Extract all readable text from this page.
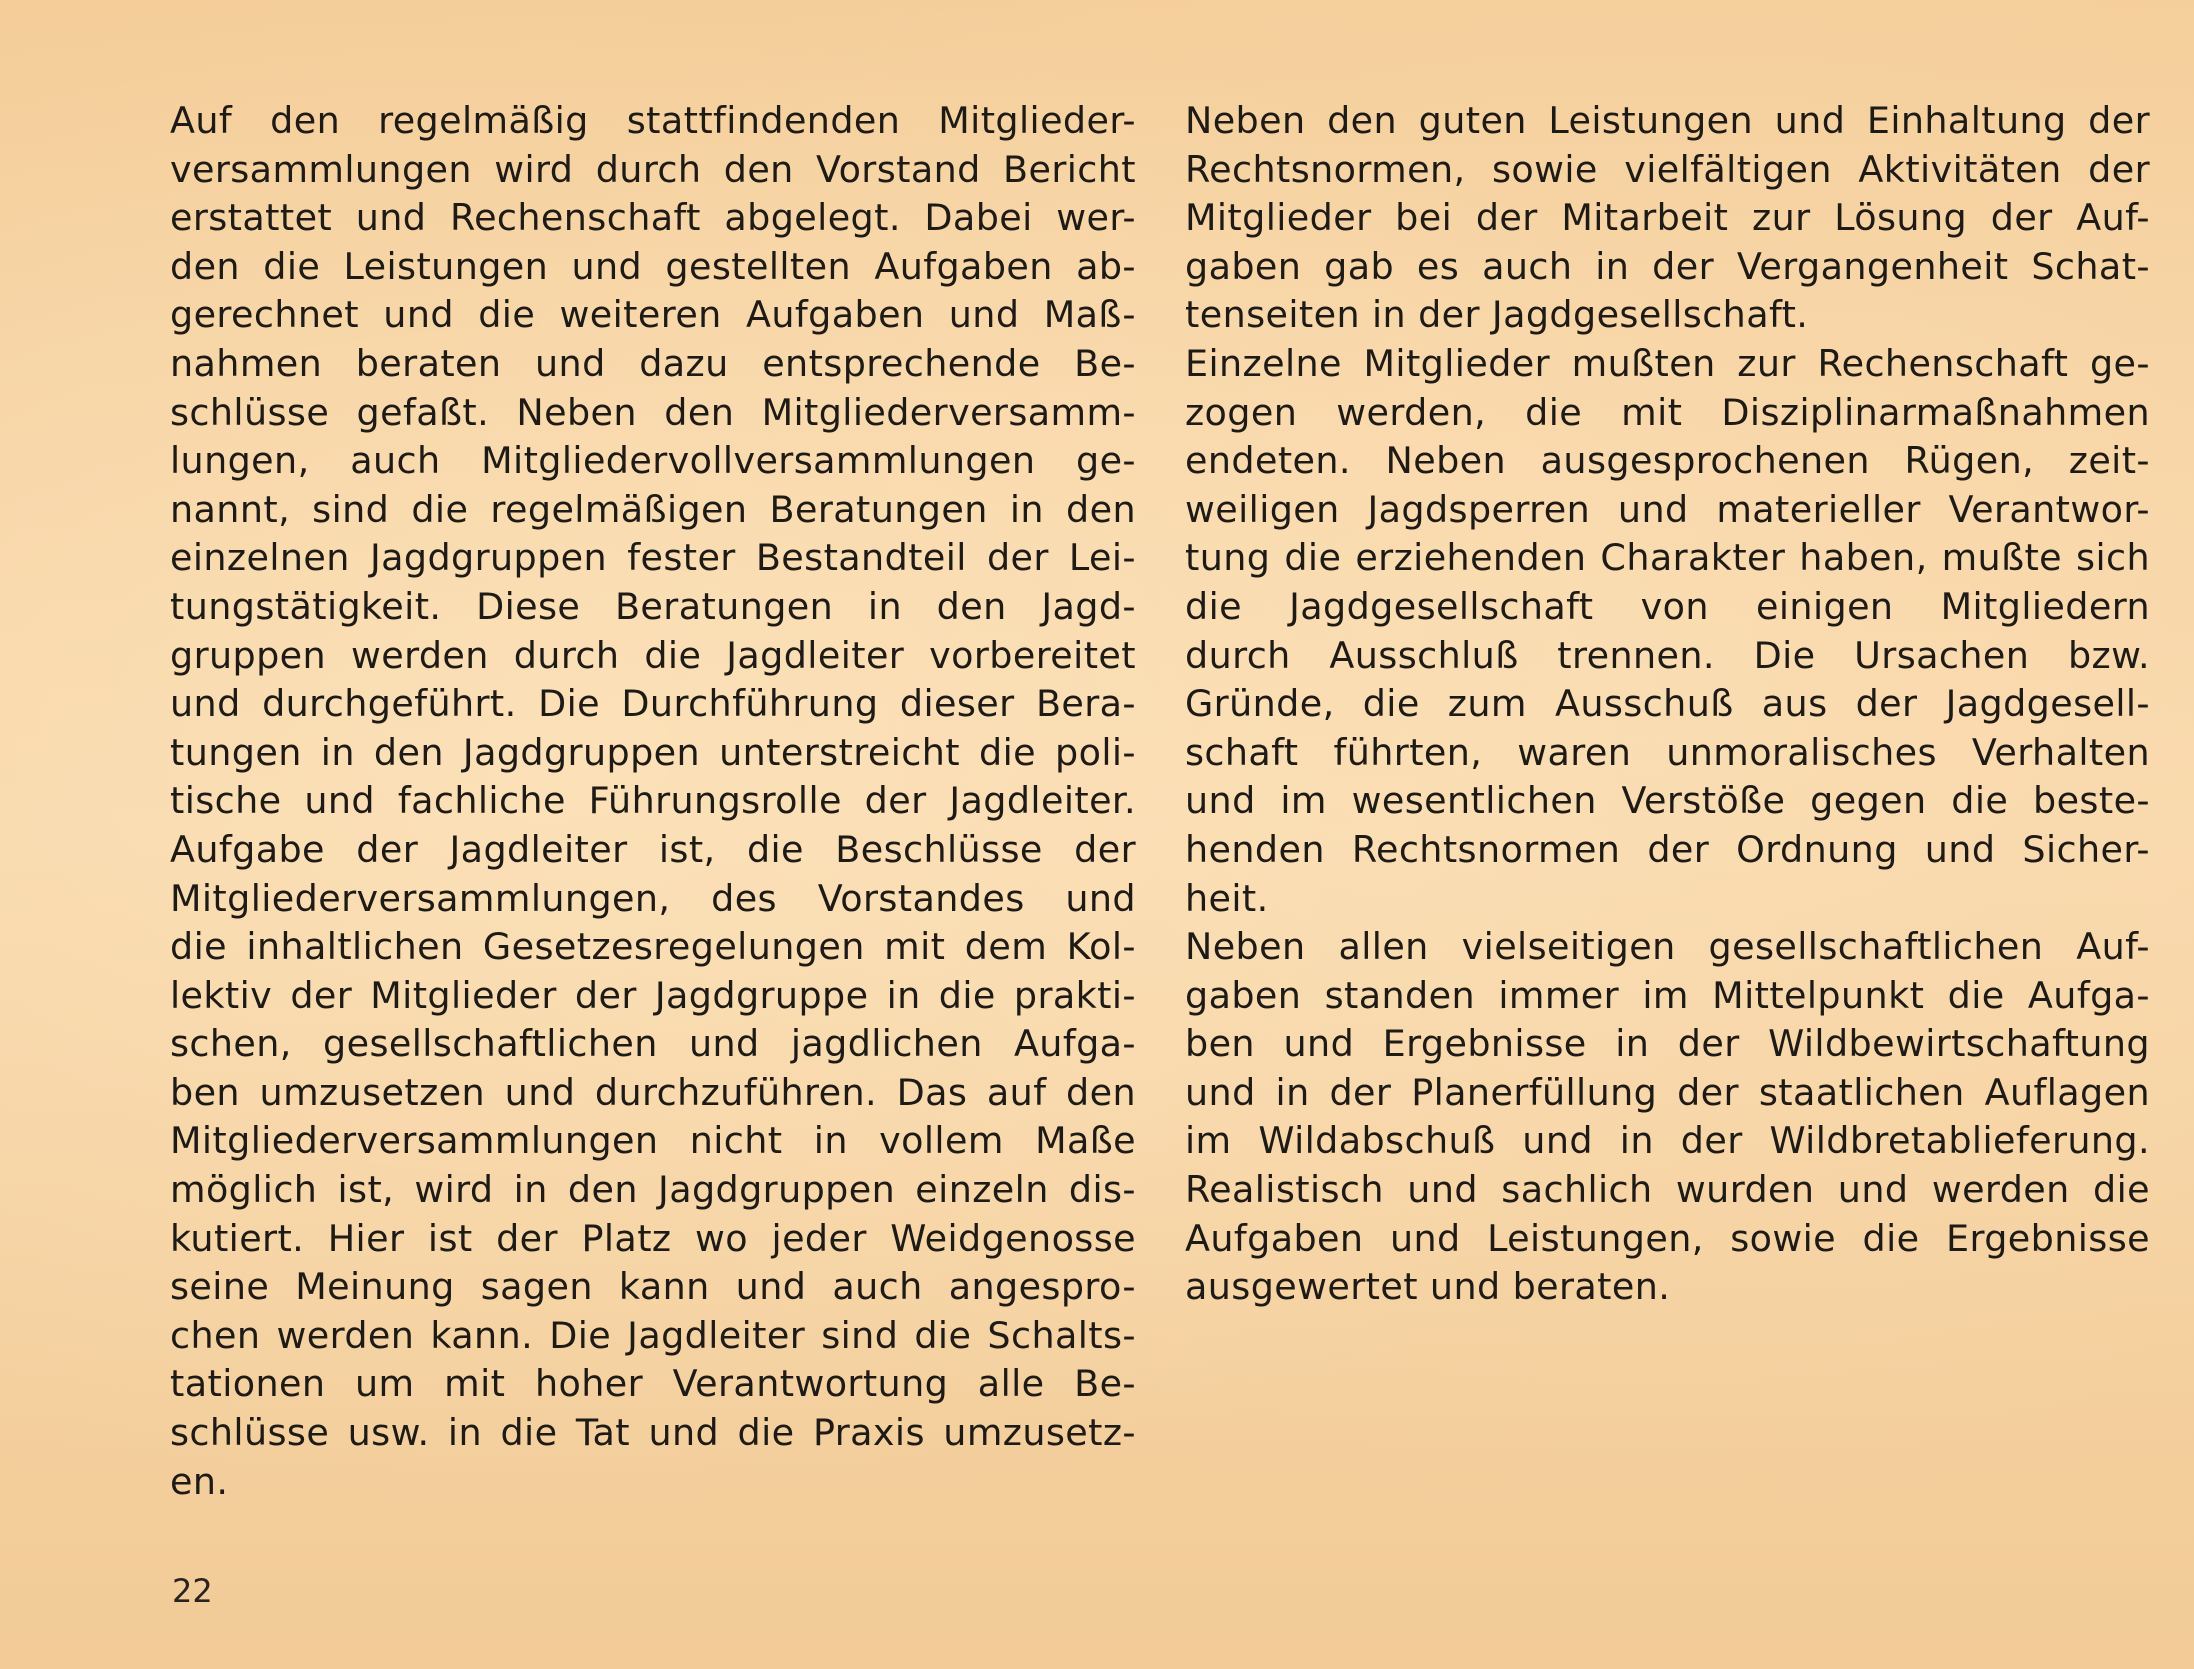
Auf den regelmäßig stattfindenden Mitglieder-
versammlungen wird durch den Vorstand Bericht
erstattet und Rechenschaft abgelegt. Dabei wer-
den die Leistungen und gestellten Aufgaben ab-
gerechnet und die weiteren Aufgaben und Maß-
nahmen beraten und dazu entsprechende Be-
schlüsse gefaßt. Neben den Mitgliederversamm-
lungen, auch Mitgliedervollversammlungen ge-
nannt, sind die regelmäßigen Beratungen in den
einzelnen Jagdgruppen fester Bestandteil der Lei-
tungstätigkeit. Diese Beratungen in den Jagd-
gruppen werden durch die Jagdleiter vorbereitet
und durchgeführt. Die Durchführung dieser Bera-
tungen in den Jagdgruppen unterstreicht die poli-
tische und fachliche Führungsrolle der Jagdleiter.
Aufgabe der Jagdleiter ist, die Beschlüsse der
Mitgliederversammlungen, des Vorstandes und
die inhaltlichen Gesetzesregelungen mit dem Kol-
lektiv der Mitglieder der Jagdgruppe in die prakti-
schen, gesellschaftlichen und jagdlichen Aufga-
ben umzusetzen und durchzuführen. Das auf den
Mitgliederversammlungen nicht in vollem Maße
möglich ist, wird in den Jagdgruppen einzeln dis-
kutiert. Hier ist der Platz wo jeder Weidgenosse
seine Meinung sagen kann und auch angespro-
chen werden kann. Die Jagdleiter sind die Schalts-
tationen um mit hoher Verantwortung alle Be-
schlüsse usw. in die Tat und die Praxis umzusetz-
en.
Neben den guten Leistungen und Einhaltung der
Rechtsnormen, sowie vielfältigen Aktivitäten der
Mitglieder bei der Mitarbeit zur Lösung der Auf-
gaben gab es auch in der Vergangenheit Schat-
tenseiten in der Jagdgesellschaft.
Einzelne Mitglieder mußten zur Rechenschaft ge-
zogen werden, die mit Disziplinarmaßnahmen
endeten. Neben ausgesprochenen Rügen, zeit-
weiligen Jagdsperren und materieller Verantwor-
tung die erziehenden Charakter haben, mußte sich
die Jagdgesellschaft von einigen Mitgliedern
durch Ausschluß trennen. Die Ursachen bzw.
Gründe, die zum Ausschuß aus der Jagdgesell-
schaft führten, waren unmoralisches Verhalten
und im wesentlichen Verstöße gegen die beste-
henden Rechtsnormen der Ordnung und Sicher-
heit.
Neben allen vielseitigen gesellschaftlichen Auf-
gaben standen immer im Mittelpunkt die Aufga-
ben und Ergebnisse in der Wildbewirtschaftung
und in der Planerfüllung der staatlichen Auflagen
im Wildabschuß und in der Wildbretablieferung.
Realistisch und sachlich wurden und werden die
Aufgaben und Leistungen, sowie die Ergebnisse
ausgewertet und beraten.
22
